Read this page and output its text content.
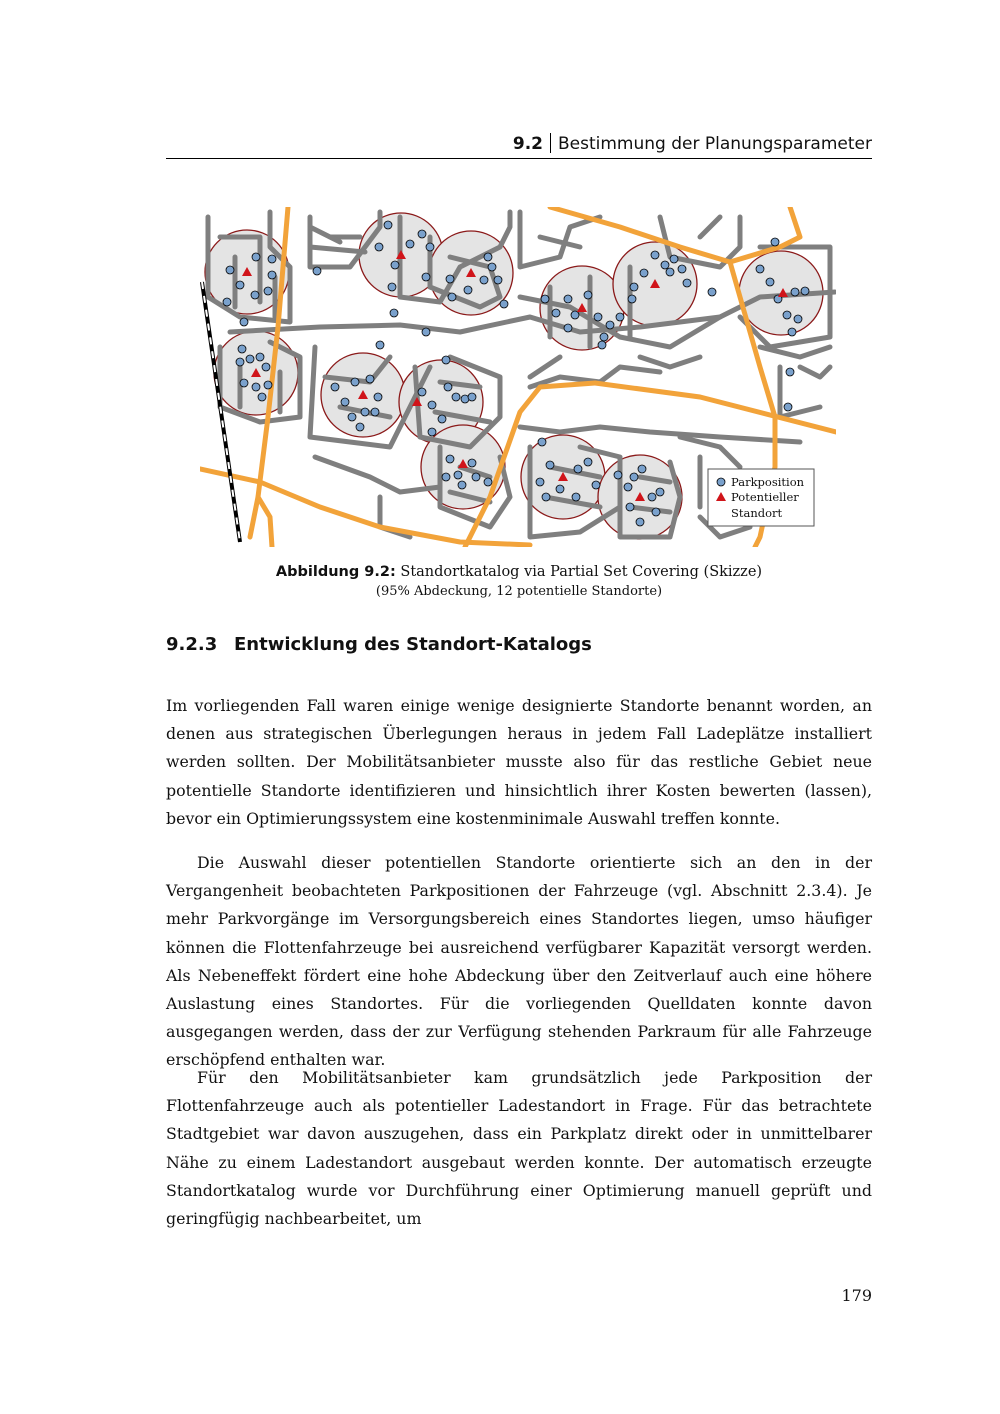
9.2 Bestimmung der Planungsparameter
Parkposition
Potentieller
Standort
Abbildung 9.2: Standortkatalog via Partial Set Covering (Skizze)
(95% Abdeckung, 12 potentielle Standorte)
9.2.3 Entwicklung des Standort-Katalogs

Im vorliegenden Fall waren einige wenige designierte Standorte benannt worden, an denen aus strategischen Überlegungen heraus in jedem Fall Ladeplätze installiert werden sollten. Der Mobilitätsanbieter musste also für das restliche Gebiet neue potentielle Standorte identifizieren und hinsichtlich ihrer Kosten bewerten (lassen), bevor ein Optimierungssystem eine kostenminimale Auswahl treffen konnte.

Die Auswahl dieser potentiellen Standorte orientierte sich an den in der Vergangenheit beobachteten Parkpositionen der Fahrzeuge (vgl. Abschnitt 2.3.4). Je mehr Parkvorgänge im Versorgungsbereich eines Standortes liegen, umso häufiger können die Flottenfahrzeuge bei ausreichend verfügbarer Kapazität versorgt werden. Als Nebeneffekt fördert eine hohe Abdeckung über den Zeitverlauf auch eine höhere Auslastung eines Standortes. Für die vorliegenden Quelldaten konnte davon ausgegangen werden, dass der zur Verfügung stehenden Parkraum für alle Fahrzeuge erschöpfend enthalten war.

Für den Mobilitätsanbieter kam grundsätzlich jede Parkposition der Flottenfahrzeuge auch als potentieller Ladestandort in Frage. Für das betrachtete Stadtgebiet war davon auszugehen, dass ein Parkplatz direkt oder in unmittelbarer Nähe zu einem Ladestandort ausgebaut werden konnte. Der automatisch erzeugte Standortkatalog wurde vor Durchführung einer Optimierung manuell geprüft und geringfügig nachbearbeitet, um

179
